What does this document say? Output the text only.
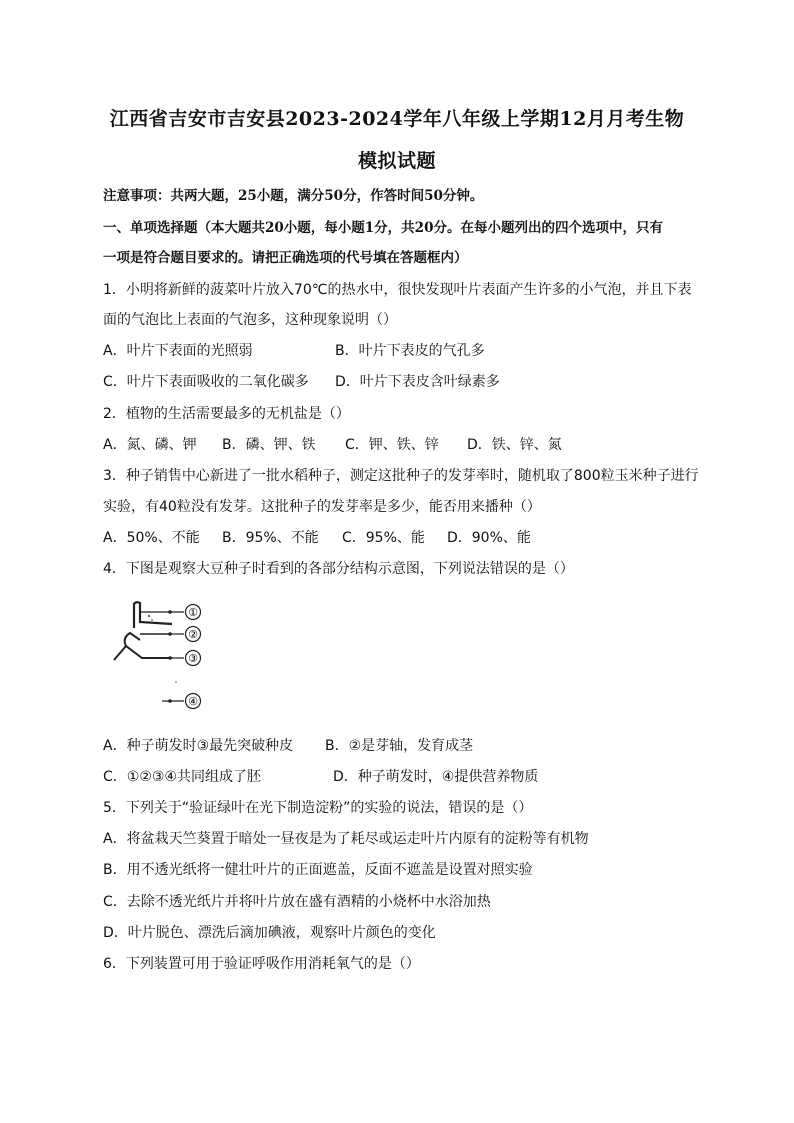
江西省吉安市吉安县2023-2024学年八年级上学期12月月考生物
模拟试题
注意事项：共两大题，25小题，满分50分，作答时间50分钟。
一、单项选择题（本大题共20小题，每小题1分，共20分。在每小题列出的四个选项中，只有
一项是符合题目要求的。请把正确选项的代号填在答题框内）
1．小明将新鲜的菠菜叶片放入70℃的热水中，很快发现叶片表面产生许多的小气泡，并且下表
面的气泡比上表面的气泡多，这种现象说明（）
A．叶片下表面的光照弱	B．叶片下表皮的气孔多
C．叶片下表面吸收的二氧化碳多 D．叶片下表皮含叶绿素多
2．植物的生活需要最多的无机盐是（）
A．氮、磷、钾 B．磷、钾、铁 C．钾、铁、锌 D．铁、锌、氮
3．种子销售中心新进了一批水稻种子，测定这批种子的发芽率时，随机取了800粒玉米种子进行
实验，有40粒没有发芽。这批种子的发芽率是多少，能否用来播种（）
A．50%、不能 B．95%、不能 C．95%、能 D．90%、能
4．下图是观察大豆种子时看到的各部分结构示意图，下列说法错误的是（）
①
②
③
④
A．种子萌发时③最先突破种皮 B．②是芽轴，发育成茎
C．①②③④共同组成了胚	D．种子萌发时，④提供营养物质
5．下列关于“验证绿叶在光下制造淀粉”的实验的说法，错误的是（）
A．将盆栽天竺葵置于暗处一昼夜是为了耗尽或运走叶片内原有的淀粉等有机物
B．用不透光纸将一健壮叶片的正面遮盖，反面不遮盖是设置对照实验
C．去除不透光纸片并将叶片放在盛有酒精的小烧杯中水浴加热
D．叶片脱色、漂洗后滴加碘液，观察叶片颜色的变化
6．下列装置可用于验证呼吸作用消耗氧气的是（）
